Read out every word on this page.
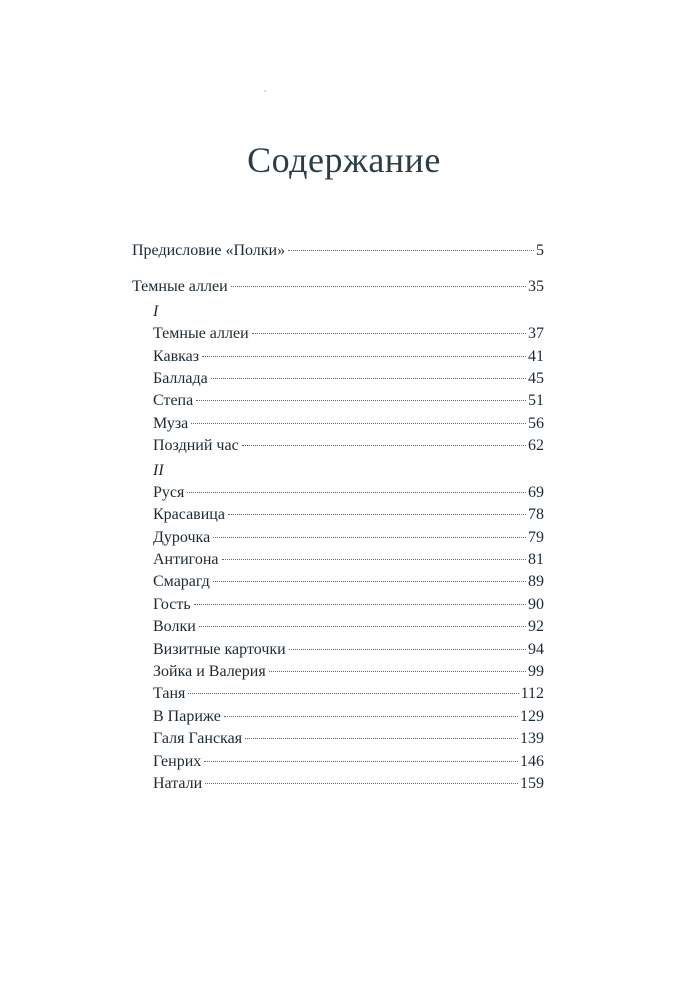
Содержание
Предисловие «Полки»	5
Темные аллеи	35
I
Темные аллеи	37
Кавказ	41
Баллада	45
Степа	51
Муза	56
Поздний час	62
II
Руся	69
Красавица	78
Дурочка	79
Антигона	81
Смарагд	89
Гость	90
Волки	92
Визитные карточки	94
Зойка и Валерия	99
Таня	112
В Париже	129
Галя Ганская	139
Генрих	146
Натали	159
